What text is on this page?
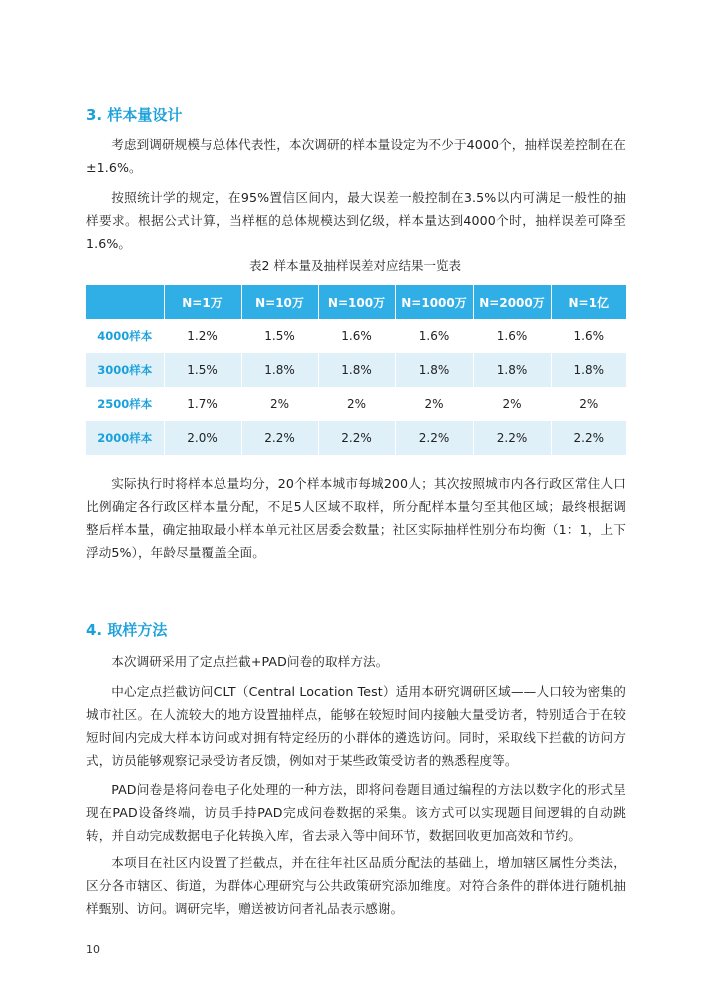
3. 样本量设计

考虑到调研规模与总体代表性，本次调研的样本量设定为不少于4000个，抽样误差控制在在±1.6%。

按照统计学的规定，在95%置信区间内，最大误差一般控制在3.5%以内可满足一般性的抽样要求。根据公式计算，当样框的总体规模达到亿级，样本量达到4000个时，抽样误差可降至1.6%。

表2 样本量及抽样误差对应结果一览表
	N=1万	N=10万	N=100万	N=1000万	N=2000万	N=1亿
4000样本	1.2%	1.5%	1.6%	1.6%	1.6%	1.6%
3000样本	1.5%	1.8%	1.8%	1.8%	1.8%	1.8%
2500样本	1.7%	2%	2%	2%	2%	2%
2000样本	2.0%	2.2%	2.2%	2.2%	2.2%	2.2%

实际执行时将样本总量均分，20个样本城市每城200人；其次按照城市内各行政区常住人口比例确定各行政区样本量分配，不足5人区域不取样，所分配样本量匀至其他区域；最终根据调整后样本量，确定抽取最小样本单元社区居委会数量；社区实际抽样性别分布均衡（1：1，上下浮动5%），年龄尽量覆盖全面。

4. 取样方法

本次调研采用了定点拦截+PAD问卷的取样方法。

中心定点拦截访问CLT（Central Location Test）适用本研究调研区域——人口较为密集的城市社区。在人流较大的地方设置抽样点，能够在较短时间内接触大量受访者，特别适合于在较短时间内完成大样本访问或对拥有特定经历的小群体的遴选访问。同时，采取线下拦截的访问方式，访员能够观察记录受访者反馈，例如对于某些政策受访者的熟悉程度等。

PAD问卷是将问卷电子化处理的一种方法，即将问卷题目通过编程的方法以数字化的形式呈现在PAD设备终端，访员手持PAD完成问卷数据的采集。该方式可以实现题目间逻辑的自动跳转，并自动完成数据电子化转换入库，省去录入等中间环节，数据回收更加高效和节约。

本项目在社区内设置了拦截点，并在往年社区品质分配法的基础上，增加辖区属性分类法，区分各市辖区、街道，为群体心理研究与公共政策研究添加维度。对符合条件的群体进行随机抽样甄别、访问。调研完毕，赠送被访问者礼品表示感谢。

10
